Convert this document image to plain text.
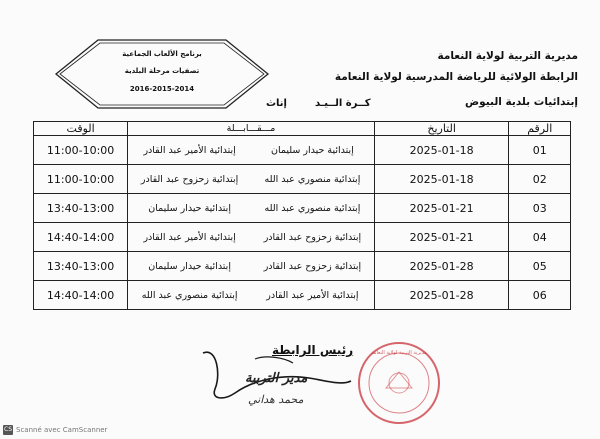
مديرية التربية لولاية النعامة
الرابطة الولائية للرياضة المدرسية لولاية النعامة
إبتدائيات بلدية البيوض
برنامج الألعاب الجماعية
تصفيات مرحلة البلدية
2016-2015-2014
كــرة الــيـد
إناث
الوقت	مـــقـــابـــلة		التاريخ	الرقم
11:00-10:00	إبتدائية الأمير عبد القادر	إبتدائية حيدار سليمان	2025-01-18	01
11:00-10:00	إبتدائية زحزوح عبد القادر	إبتدائية منصوري عبد الله	2025-01-18	02
13:40-13:00	إبتدائية حيدار سليمان	إبتدائية منصوري عبد الله	2025-01-21	03
14:40-14:00	إبتدائية الأمير عبد القادر	إبتدائية زحزوح عبد القادر	2025-01-21	04
13:40-13:00	إبتدائية حيدار سليمان	إبتدائية زحزوح عبد القادر	2025-01-28	05
14:40-14:00	إبتدائية منصوري عبد الله	إبتدائية الأمير عبد القادر	2025-01-28	06
رئيس الرابطة
مدير التربية
محمد هداني
مديرية التربية لولاية النعامة
CS Scanné avec CamScanner
